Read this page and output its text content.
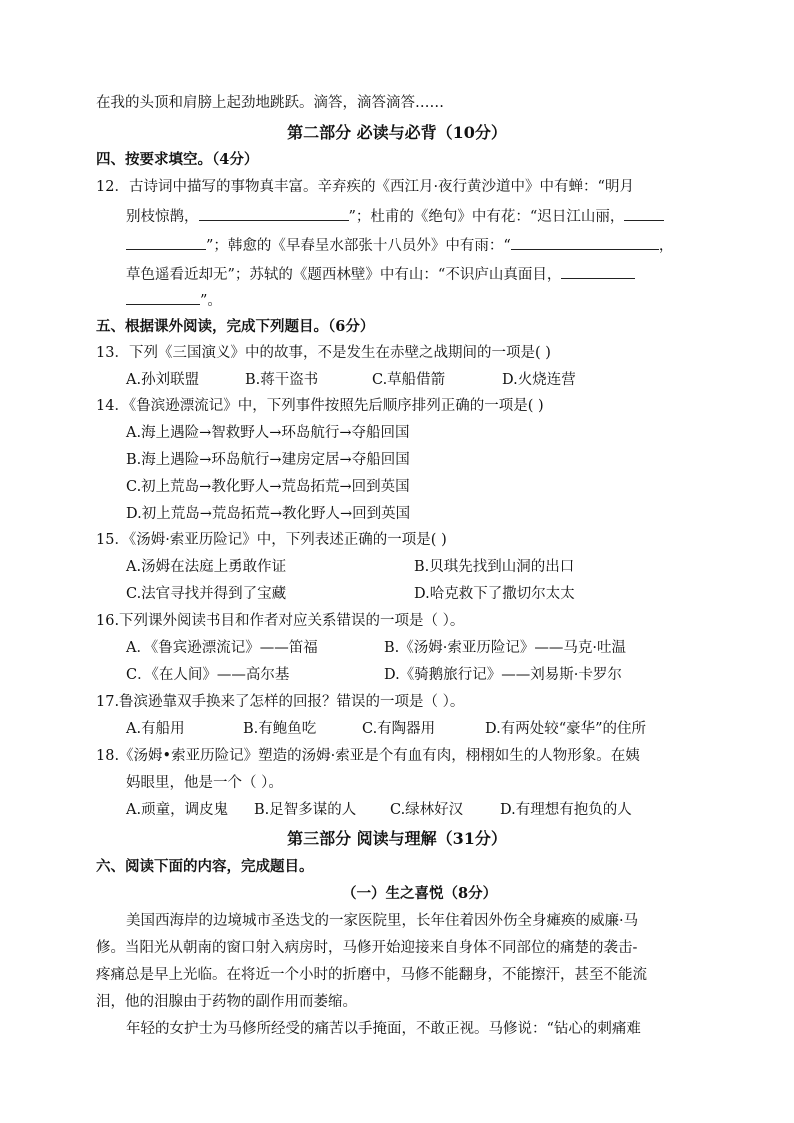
在我的头顶和肩膀上起劲地跳跃。滴答，滴答滴答……
第二部分 必读与必背（10分）
四、按要求填空。（4分）
12．古诗词中描写的事物真丰富。辛弃疾的《西江月·夜行黄沙道中》中有蝉：“明月
别枝惊鹊，	”；杜甫的《绝句》中有花：“迟日江山丽，
”；韩愈的《早春呈水部张十八员外》中有雨：“	，
草色遥看近却无”；苏轼的《题西林壁》中有山：“不识庐山真面目，
”。
五、根据课外阅读，完成下列题目。（6分）
13．下列《三国演义》中的故事，不是发生在赤壁之战期间的一项是( )
A.孙刘联盟	B.蒋干盗书	C.草船借箭	D.火烧连营
14．《鲁滨逊漂流记》中，下列事件按照先后顺序排列正确的一项是( )
A.海上遇险→智救野人→环岛航行→夺船回国
B.海上遇险→环岛航行→建房定居→夺船回国
C.初上荒岛→教化野人→荒岛拓荒→回到英国
D.初上荒岛→荒岛拓荒→教化野人→回到英国
15．《汤姆·索亚历险记》中，下列表述正确的一项是( )
A.汤姆在法庭上勇敢作证	B.贝琪先找到山洞的出口
C.法官寻找并得到了宝藏	D.哈克救下了撒切尔太太
16.下列课外阅读书目和作者对应关系错误的一项是（ ）。
A．《鲁宾逊漂流记》——笛福	B.《汤姆·索亚历险记》——马克·吐温
C．《在人间》——高尔基	D.《骑鹅旅行记》——刘易斯·卡罗尔
17.鲁滨逊靠双手换来了怎样的回报？错误的一项是（ ）。
A.有船用	B.有鲍鱼吃	C.有陶器用	D.有两处较“豪华”的住所
18.《汤姆•索亚历险记》塑造的汤姆·索亚是个有血有肉，栩栩如生的人物形象。在姨
妈眼里，他是一个（ ）。
A.顽童，调皮鬼 B.足智多谋的人 C.绿林好汉	D.有理想有抱负的人
第三部分 阅读与理解（31分）
六、阅读下面的内容，完成题目。
（一）生之喜悦（8分）
美国西海岸的边境城市圣迭戈的一家医院里，长年住着因外伤全身瘫痪的威廉·马
修。当阳光从朝南的窗口射入病房时，马修开始迎接来自身体不同部位的痛楚的袭击-
疼痛总是早上光临。在将近一个小时的折磨中，马修不能翻身，不能擦汗，甚至不能流
泪，他的泪腺由于药物的副作用而萎缩。
年轻的女护士为马修所经受的痛苦以手掩面，不敢正视。马修说：“钻心的刺痛难
